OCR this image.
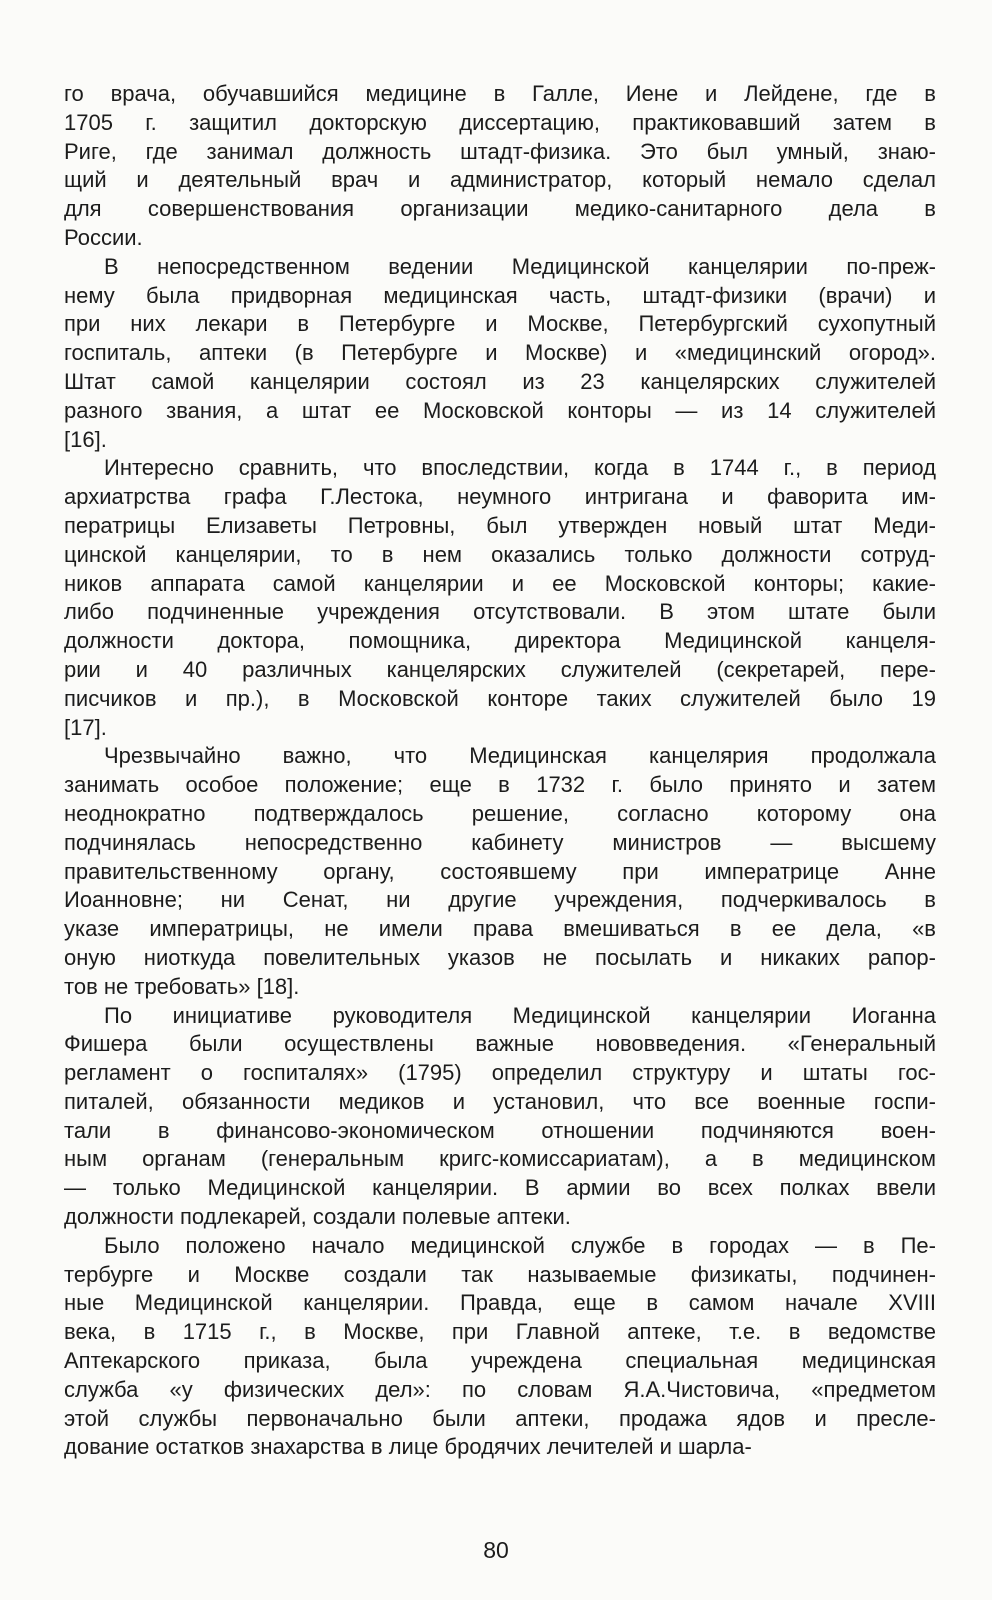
го врача, обучавшийся медицине в Галле, Иене и Лейдене, где в
1705 г. защитил докторскую диссертацию, практиковавший затем в
Риге, где занимал должность штадт-физика. Это был умный, знаю-
щий и деятельный врач и администратор, который немало сделал
для совершенствования организации медико-санитарного дела в
России.
В непосредственном ведении Медицинской канцелярии по-преж-
нему была придворная медицинская часть, штадт-физики (врачи) и
при них лекари в Петербурге и Москве, Петербургский сухопутный
госпиталь, аптеки (в Петербурге и Москве) и «медицинский огород».
Штат самой канцелярии состоял из 23 канцелярских служителей
разного звания, а штат ее Московской конторы — из 14 служителей
[16].
Интересно сравнить, что впоследствии, когда в 1744 г., в период
архиатрства графа Г.Лестока, неумного интригана и фаворита им-
ператрицы Елизаветы Петровны, был утвержден новый штат Меди-
цинской канцелярии, то в нем оказались только должности сотруд-
ников аппарата самой канцелярии и ее Московской конторы; какие-
либо подчиненные учреждения отсутствовали. В этом штате были
должности доктора, помощника, директора Медицинской канцеля-
рии и 40 различных канцелярских служителей (секретарей, пере-
писчиков и пр.), в Московской конторе таких служителей было 19
[17].
Чрезвычайно важно, что Медицинская канцелярия продолжала
занимать особое положение; еще в 1732 г. было принято и затем
неоднократно подтверждалось решение, согласно которому она
подчинялась непосредственно кабинету министров — высшему
правительственному органу, состоявшему при императрице Анне
Иоанновне; ни Сенат, ни другие учреждения, подчеркивалось в
указе императрицы, не имели права вмешиваться в ее дела, «в
оную ниоткуда повелительных указов не посылать и никаких рапор-
тов не требовать» [18].
По инициативе руководителя Медицинской канцелярии Иоганна
Фишера были осуществлены важные нововведения. «Генеральный
регламент о госпиталях» (1795) определил структуру и штаты гос-
питалей, обязанности медиков и установил, что все военные госпи-
тали в финансово-экономическом отношении подчиняются воен-
ным органам (генеральным кригс-комиссариатам), а в медицинском
— только Медицинской канцелярии. В армии во всех полках ввели
должности подлекарей, создали полевые аптеки.
Было положено начало медицинской службе в городах — в Пе-
тербурге и Москве создали так называемые физикаты, подчинен-
ные Медицинской канцелярии. Правда, еще в самом начале XVIII
века, в 1715 г., в Москве, при Главной аптеке, т.е. в ведомстве
Аптекарского приказа, была учреждена специальная медицинская
служба «у физических дел»: по словам Я.А.Чистовича, «предметом
этой службы первоначально были аптеки, продажа ядов и пресле-
дование остатков знахарства в лице бродячих лечителей и шарла-
80
